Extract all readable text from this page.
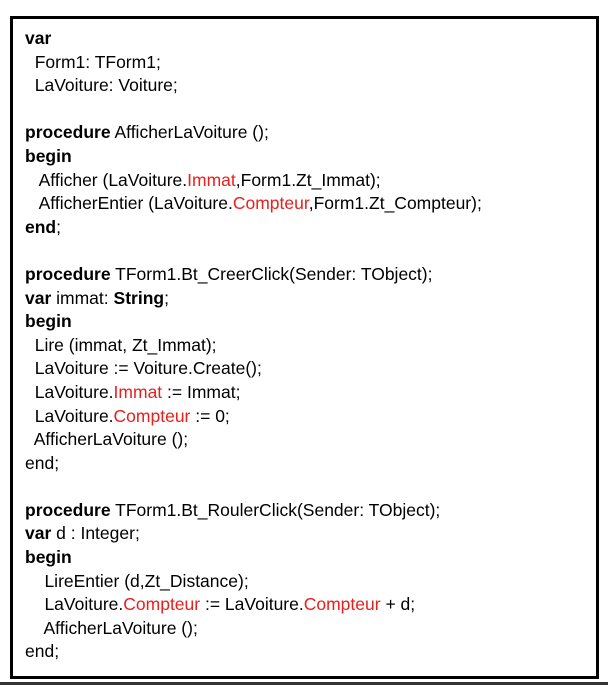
var
Form1: TForm1;
LaVoiture: Voiture;
procedure AfficherLaVoiture ();
begin
Afficher (LaVoiture.Immat,Form1.Zt_Immat);
AfficherEntier (LaVoiture.Compteur,Form1.Zt_Compteur);
end;
procedure TForm1.Bt_CreerClick(Sender: TObject);
var immat: String;
begin
Lire (immat, Zt_Immat);
LaVoiture := Voiture.Create();
LaVoiture.Immat := Immat;
LaVoiture.Compteur := 0;
AfficherLaVoiture ();
end;
procedure TForm1.Bt_RoulerClick(Sender: TObject);
var d : Integer;
begin
LireEntier (d,Zt_Distance);
LaVoiture.Compteur := LaVoiture.Compteur + d;
AfficherLaVoiture ();
end;
